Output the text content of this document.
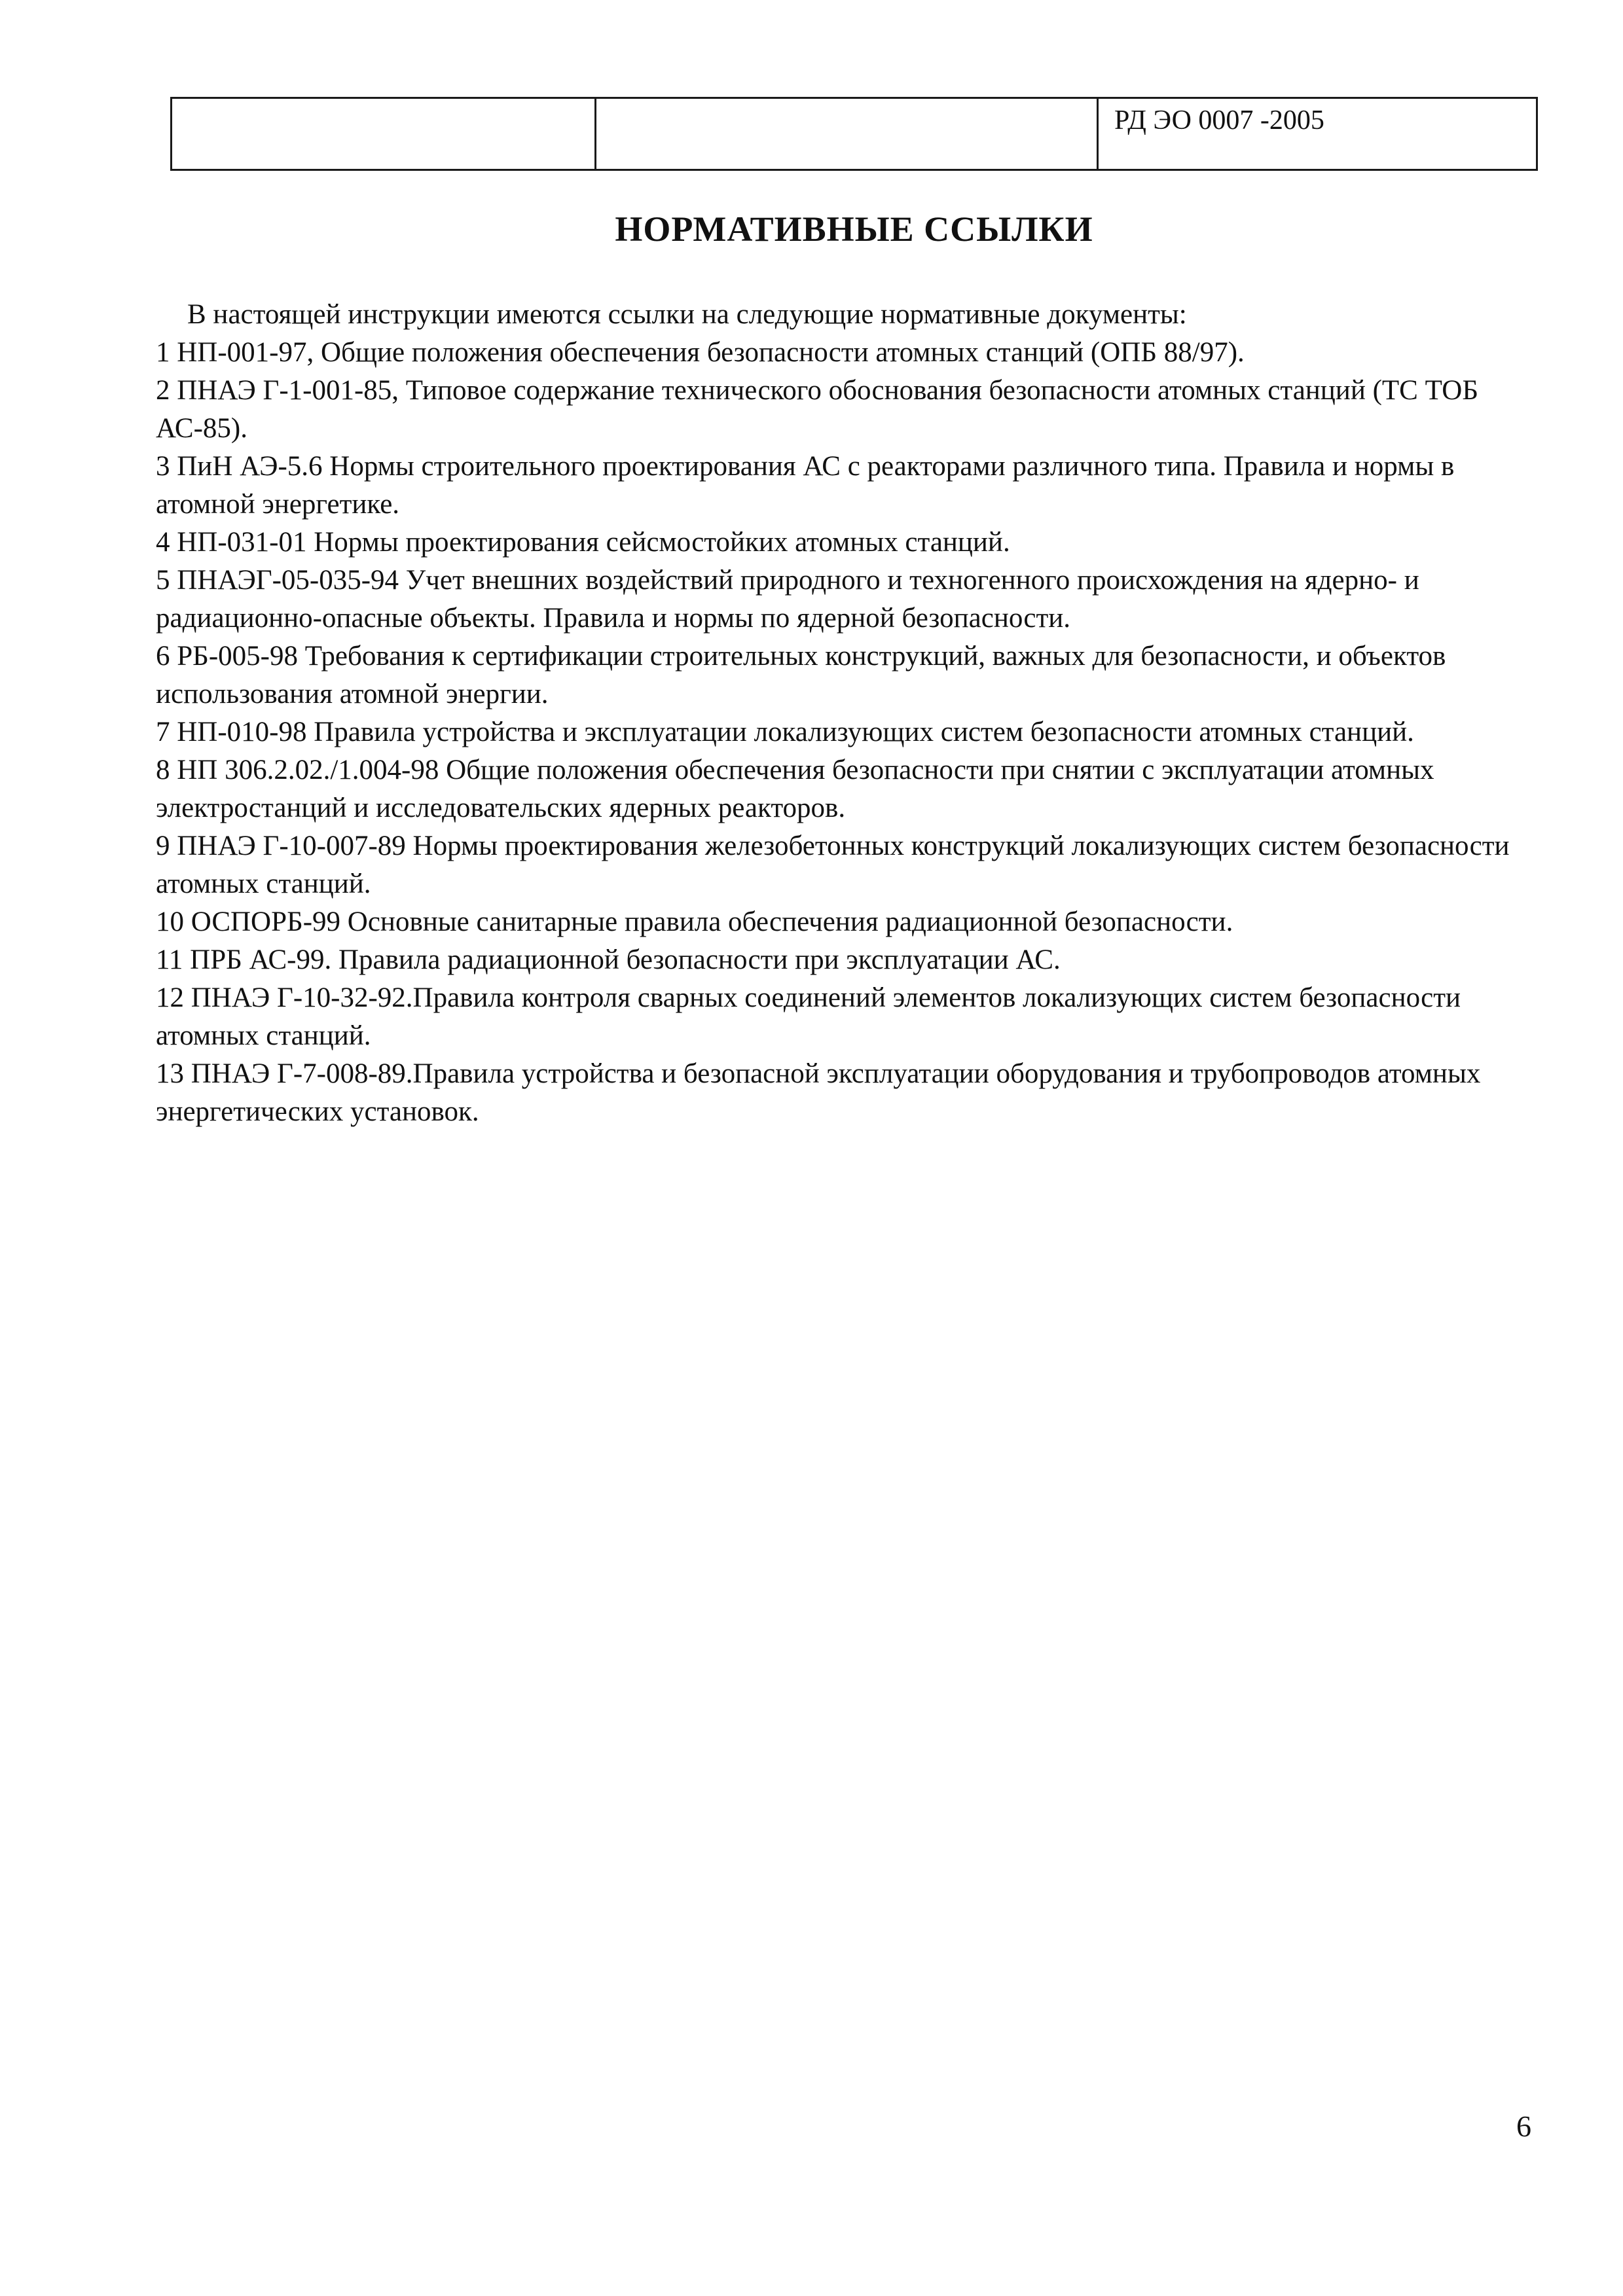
		РД ЭО 0007 -2005
НОРМАТИВНЫЕ ССЫЛКИ

В настоящей инструкции имеются ссылки на следующие нормативные документы:

1 НП-001-97, Общие положения обеспечения безопасности атомных станций (ОПБ 88/97).

2 ПНАЭ Г-1-001-85, Типовое содержание технического обоснования безопасности атомных станций (ТС ТОБ АС-85).

3 ПиН АЭ-5.6 Нормы строительного проектирования АС с реакторами различного типа. Правила и нормы в атомной энергетике.

4 НП-031-01 Нормы проектирования сейсмостойких атомных станций.

5 ПНАЭГ-05-035-94 Учет внешних воздействий природного и техногенного происхождения на ядерно- и радиационно-опасные объекты. Правила и нормы по ядерной безопасности.

6 РБ-005-98 Требования к сертификации строительных конструкций, важных для безопасности, и объектов использования атомной энергии.

7 НП-010-98 Правила устройства и эксплуатации локализующих систем безопасности атомных станций.

8 НП 306.2.02./1.004-98 Общие положения обеспечения безопасности при снятии с эксплуатации атомных электростанций и исследовательских ядерных реакторов.

9 ПНАЭ Г-10-007-89 Нормы проектирования железобетонных конструкций локализующих систем безопасности атомных станций.

10 ОСПОРБ-99 Основные санитарные правила обеспечения радиационной безопасности.

11 ПРБ АС-99. Правила радиационной безопасности при эксплуатации АС.

12 ПНАЭ Г-10-32-92.Правила контроля сварных соединений элементов локализующих систем безопасности атомных станций.

13 ПНАЭ Г-7-008-89.Правила устройства и безопасной эксплуатации оборудования и трубопроводов атомных энергетических установок.

6
